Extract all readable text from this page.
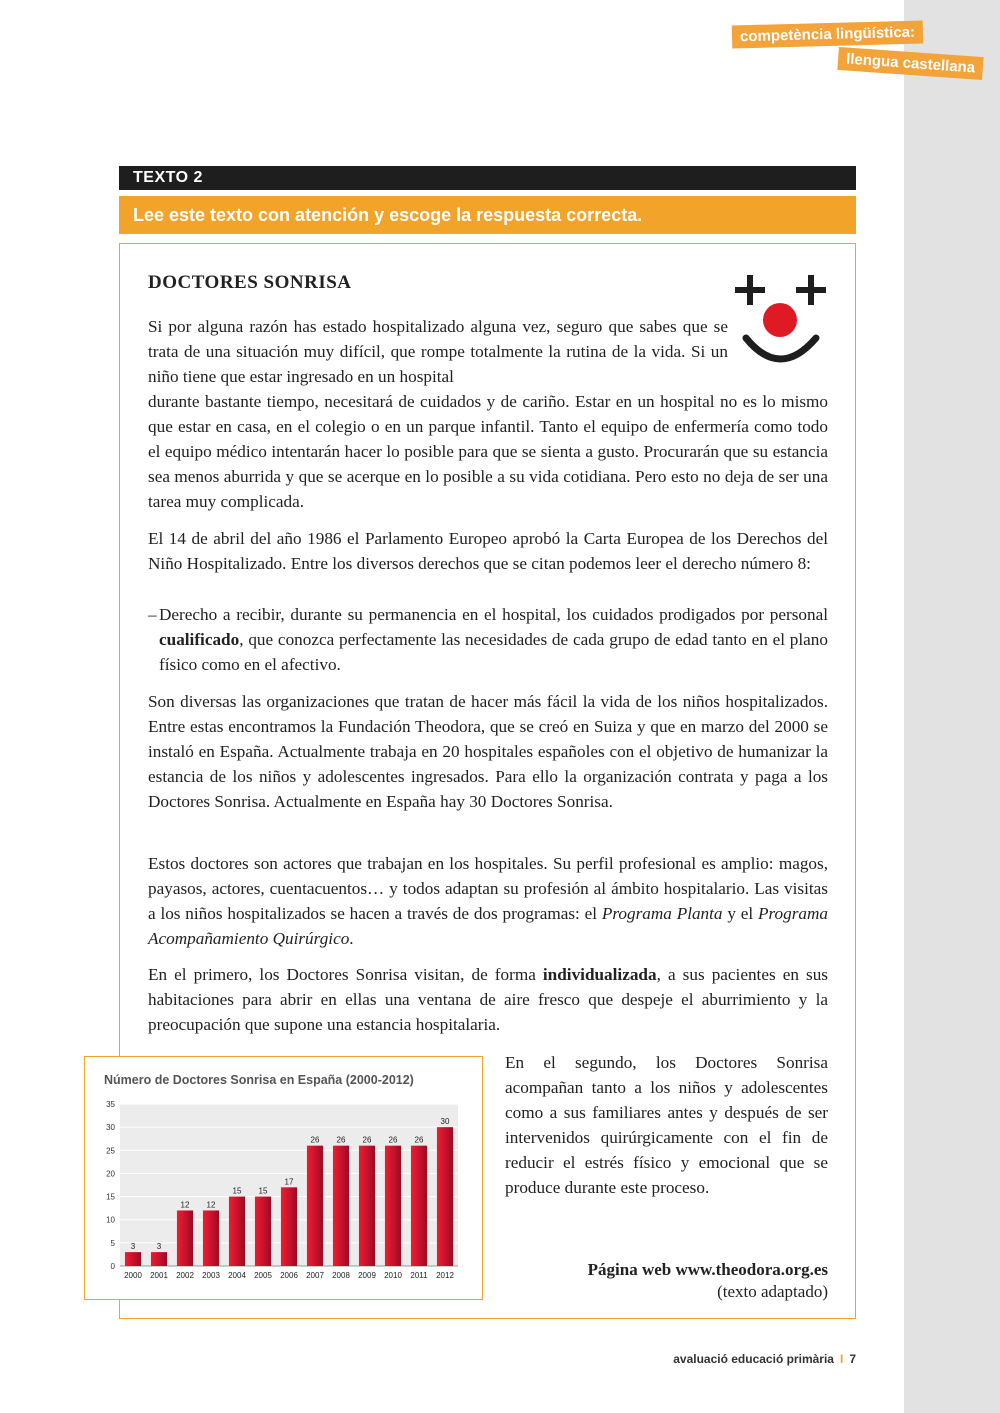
competència lingüística:
llengua castellana
TEXTO 2
Lee este texto con atención y escoge la respuesta correcta.
DOCTORES SONRISA

Si por alguna razón has estado hospitalizado alguna vez, seguro que sabes que se trata de una situación muy difícil, que rompe totalmente la rutina de la vida. Si un niño tiene que estar ingresado en un hospital

durante bastante tiempo, necesitará de cuidados y de cariño. Estar en un hospital no es lo mismo que estar en casa, en el colegio o en un parque infantil. Tanto el equipo de enfermería como todo el equipo médico intentarán hacer lo posible para que se sienta a gusto. Procurarán que su estancia sea menos aburrida y que se acerque en lo posible a su vida cotidiana. Pero esto no deja de ser una tarea muy complicada.

El 14 de abril del año 1986 el Parlamento Europeo aprobó la Carta Europea de los Derechos del Niño Hospitalizado. Entre los diversos derechos que se citan podemos leer el derecho número 8:

– Derecho a recibir, durante su permanencia en el hospital, los cuidados prodigados por personal cualificado, que conozca perfectamente las necesidades de cada grupo de edad tanto en el plano físico como en el afectivo.

Son diversas las organizaciones que tratan de hacer más fácil la vida de los niños hospitalizados. Entre estas encontramos la Fundación Theodora, que se creó en Suiza y que en marzo del 2000 se instaló en España. Actualmente trabaja en 20 hospitales españoles con el objetivo de humanizar la estancia de los niños y adolescentes ingresados. Para ello la organización contrata y paga a los Doctores Sonrisa. Actualmente en España hay 30 Doctores Sonrisa.

Estos doctores son actores que trabajan en los hospitales. Su perfil profesional es amplio: magos, payasos, actores, cuentacuentos… y todos adaptan su profesión al ámbito hospitalario. Las visitas a los niños hospitalizados se hacen a través de dos programas: el Programa Planta y el Programa Acompañamiento Quirúrgico.

En el primero, los Doctores Sonrisa visitan, de forma individualizada, a sus pacientes en sus habitaciones para abrir en ellas una ventana de aire fresco que despeje el aburrimiento y la preocupación que supone una estancia hospitalaria.

En el segundo, los Doctores Sonrisa acompañan tanto a los niños y adolescentes como a sus familiares antes y después de ser intervenidos quirúrgicamente con el fin de reducir el estrés físico y emocional que se produce durante este proceso.

Página web www.theodora.org.es
(texto adaptado)
Número de Doctores Sonrisa en España (2000-2012)
0
5
10
15
20
25
30
35
3
2000
3
2001
12
2002
12
2003
15
2004
15
2005
17
2006
26
2007
26
2008
26
2009
26
2010
26
2011
30
2012
avaluació educació primària I 7
